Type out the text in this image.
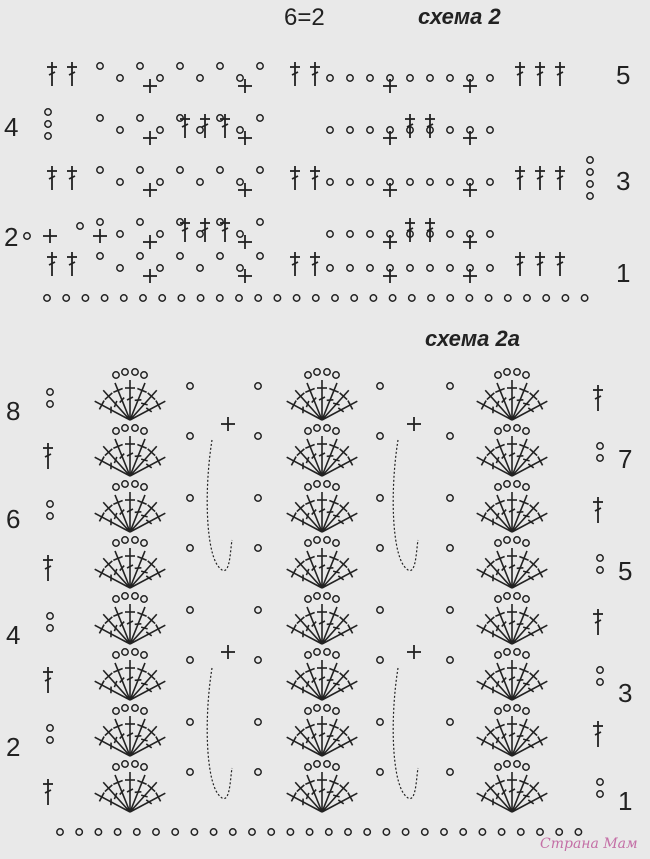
6=2	схема 2
схема 2а
4
2
5
3
1
8
6
4
2
7
5
3
1
Страна Мам
